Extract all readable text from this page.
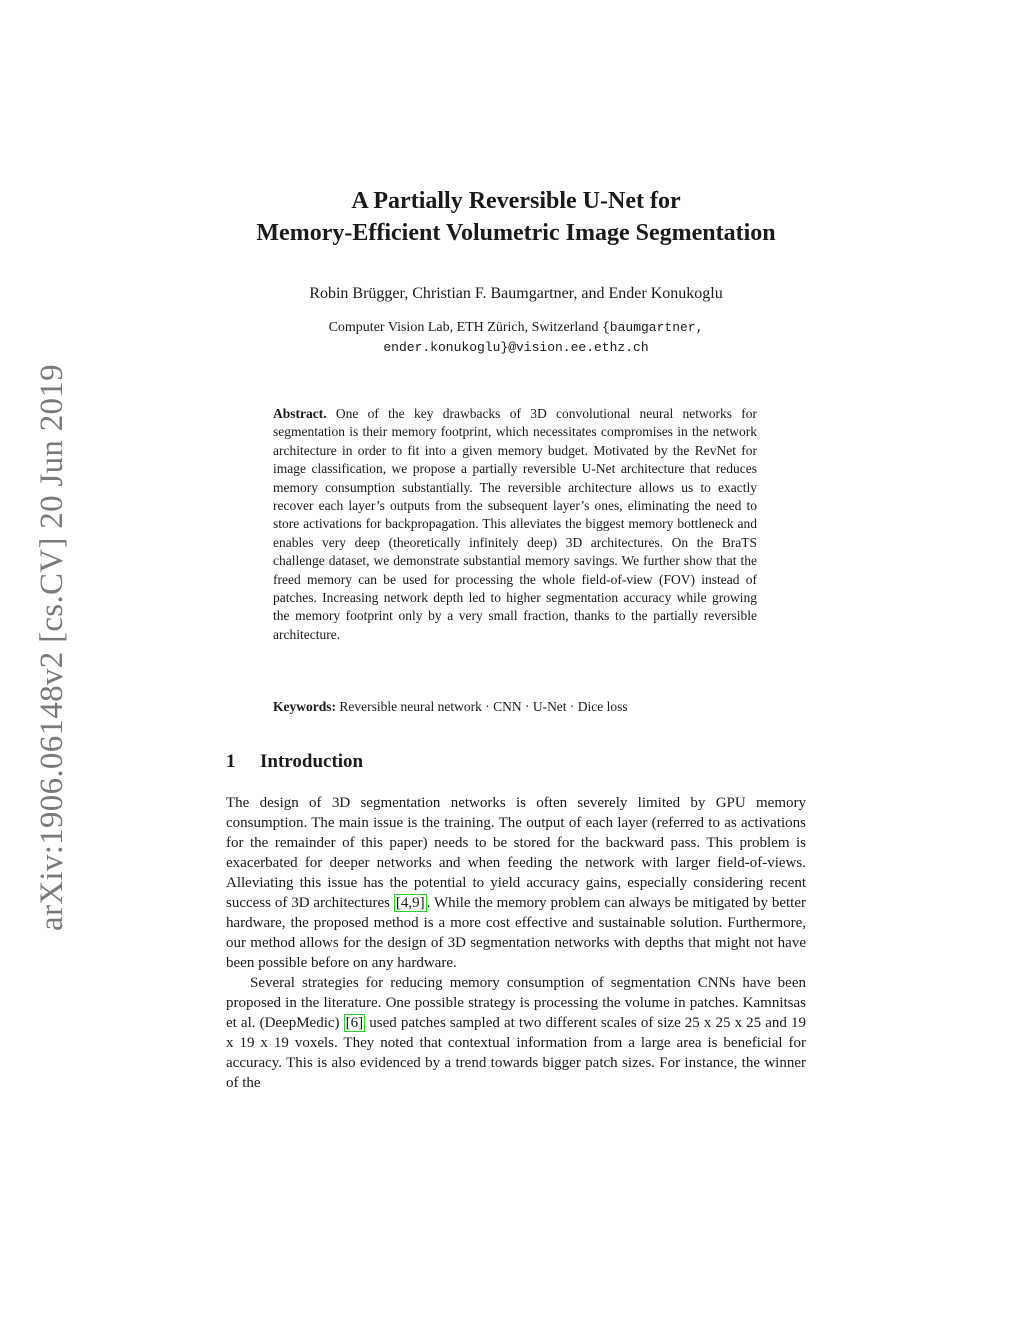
arXiv:1906.06148v2 [cs.CV] 20 Jun 2019
A Partially Reversible U-Net for
Memory-Efficient Volumetric Image Segmentation
Robin Brügger, Christian F. Baumgartner, and Ender Konukoglu
Computer Vision Lab, ETH Zürich, Switzerland {baumgartner, ender.konukoglu}@vision.ee.ethz.ch
Abstract. One of the key drawbacks of 3D convolutional neural networks for segmentation is their memory footprint, which necessitates compromises in the network architecture in order to fit into a given memory budget. Motivated by the RevNet for image classification, we propose a partially reversible U-Net architecture that reduces memory consumption substantially. The reversible architecture allows us to exactly recover each layer’s outputs from the subsequent layer’s ones, eliminating the need to store activations for backpropagation. This alleviates the biggest memory bottleneck and enables very deep (theoretically infinitely deep) 3D architectures. On the BraTS challenge dataset, we demonstrate substantial memory savings. We further show that the freed memory can be used for processing the whole field-of-view (FOV) instead of patches. Increasing network depth led to higher segmentation accuracy while growing the memory footprint only by a very small fraction, thanks to the partially reversible architecture.
Keywords: Reversible neural network · CNN · U-Net · Dice loss
1 Introduction

The design of 3D segmentation networks is often severely limited by GPU memory consumption. The main issue is the training. The output of each layer (referred to as activations for the remainder of this paper) needs to be stored for the backward pass. This problem is exacerbated for deeper networks and when feeding the network with larger field-of-views. Alleviating this issue has the potential to yield accuracy gains, especially considering recent success of 3D architectures [4,9] . While the memory problem can always be mitigated by better hardware, the proposed method is a more cost effective and sustainable solution. Furthermore, our method allows for the design of 3D segmentation networks with depths that might not have been possible before on any hardware.

Several strategies for reducing memory consumption of segmentation CNNs have been proposed in the literature. One possible strategy is processing the volume in patches. Kamnitsas et al. (DeepMedic) [6] used patches sampled at two different scales of size 25 x 25 x 25 and 19 x 19 x 19 voxels. They noted that contextual information from a large area is beneficial for accuracy. This is also evidenced by a trend towards bigger patch sizes. For instance, the winner of the
